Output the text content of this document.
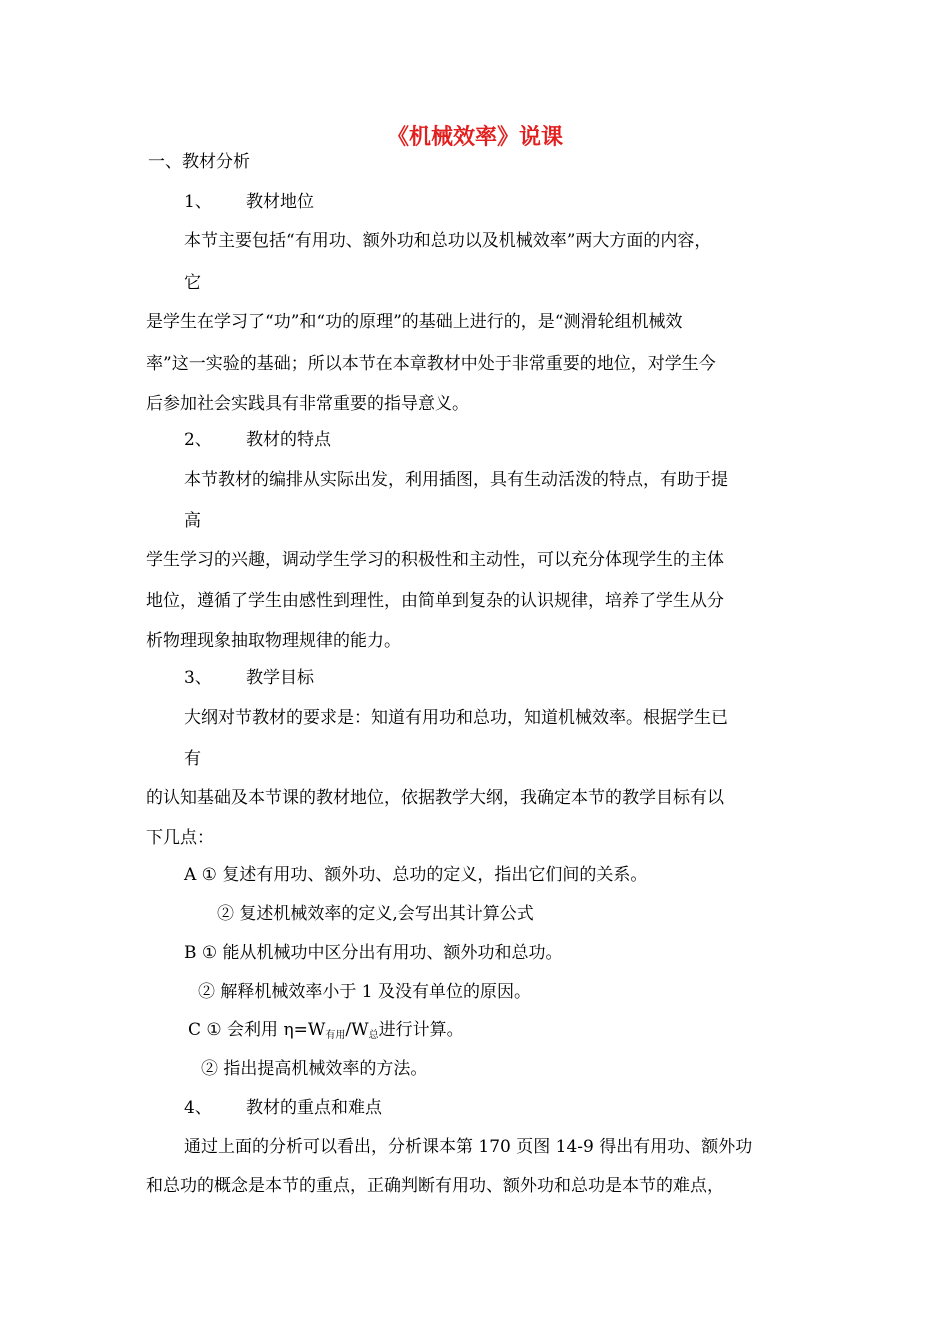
《机械效率》说课

一、教材分析

1、 教材地位

本节主要包括“有用功、额外功和总功以及机械效率”两大方面的内容，

它

是学生在学习了“功”和“功的原理”的基础上进行的，是“测滑轮组机械效

率”这一实验的基础；所以本节在本章教材中处于非常重要的地位，对学生今

后参加社会实践具有非常重要的指导意义。

2、 教材的特点

本节教材的编排从实际出发，利用插图，具有生动活泼的特点，有助于提

高

学生学习的兴趣，调动学生学习的积极性和主动性，可以充分体现学生的主体

地位，遵循了学生由感性到理性，由简单到复杂的认识规律，培养了学生从分

析物理现象抽取物理规律的能力。

3、 教学目标

大纲对节教材的要求是：知道有用功和总功，知道机械效率。根据学生已

有

的认知基础及本节课的教材地位，依据教学大纲，我确定本节的教学目标有以

下几点：

A ① 复述有用功、额外功、总功的定义，指出它们间的关系。

② 复述机械效率的定义,会写出其计算公式

B ① 能从机械功中区分出有用功、额外功和总功。

② 解释机械效率小于 1 及没有单位的原因。

C ① 会利用 $\eta=W_{有用}/W_总$进行计算。

② 指出提高机械效率的方法。

4、 教材的重点和难点

通过上面的分析可以看出，分析课本第 170 页图 14-9 得出有用功、额外功

和总功的概念是本节的重点，正确判断有用功、额外功和总功是本节的难点，
